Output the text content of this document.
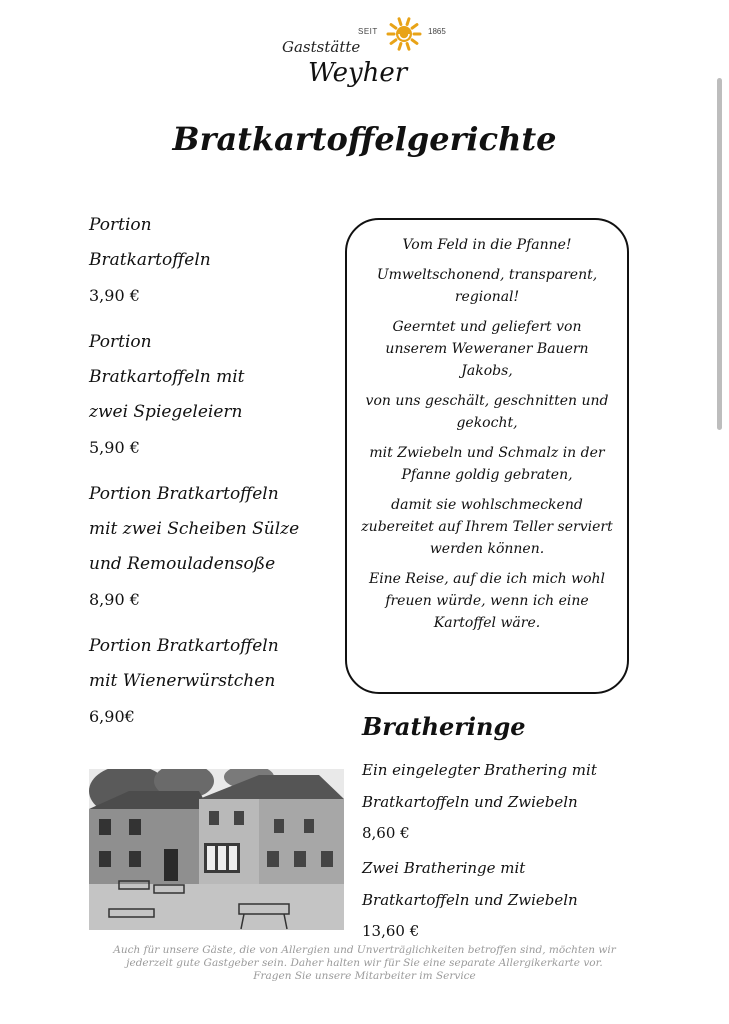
SEIT	1865
Gaststätte
Weyher
Bratkartoffelgerichte
Portion
Bratkartoffeln
3,90 €
Portion
Bratkartoffeln mit
zwei Spiegeleiern
5,90 €
Portion Bratkartoffeln
mit zwei Scheiben Sülze
und Remouladensoße
8,90 €
Portion Bratkartoffeln
mit Wienerwürstchen
6,90€

Vom Feld in die Pfanne!

Umweltschonend, transparent, regional!

Geerntet und geliefert von unserem Weweraner Bauern Jakobs,

von uns geschält, geschnitten und gekocht,

mit Zwiebeln und Schmalz in der Pfanne goldig gebraten,

damit sie wohlschmeckend zubereitet auf Ihrem Teller serviert werden können.

Eine Reise, auf die ich mich wohl freuen würde, wenn ich eine Kartoffel wäre.

Bratheringe
Ein eingelegter Brathering mit
Bratkartoffeln und Zwiebeln
8,60 €
Zwei Bratheringe mit
Bratkartoffeln und Zwiebeln
13,60 €
Auch für unsere Gäste, die von Allergien und Unverträglichkeiten betroffen sind, möchten wir
jederzeit gute Gastgeber sein. Daher halten wir für Sie eine separate Allergikerkarte vor.
Fragen Sie unsere Mitarbeiter im Service
